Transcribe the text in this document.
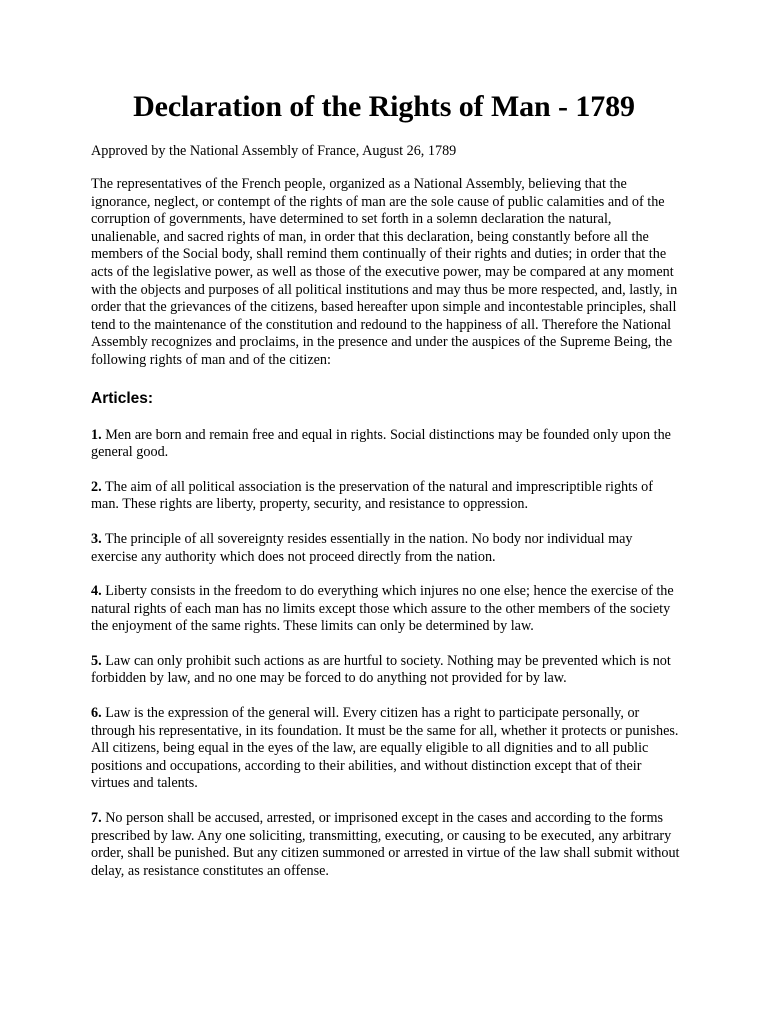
Declaration of the Rights of Man - 1789

Approved by the National Assembly of France, August 26, 1789

The representatives of the French people, organized as a National Assembly, believing that the ignorance, neglect, or contempt of the rights of man are the sole cause of public calamities and of the corruption of governments, have determined to set forth in a solemn declaration the natural, unalienable, and sacred rights of man, in order that this declaration, being constantly before all the members of the Social body, shall remind them continually of their rights and duties; in order that the acts of the legislative power, as well as those of the executive power, may be compared at any moment with the objects and purposes of all political institutions and may thus be more respected, and, lastly, in order that the grievances of the citizens, based hereafter upon simple and incontestable principles, shall tend to the maintenance of the constitution and redound to the happiness of all. Therefore the National Assembly recognizes and proclaims, in the presence and under the auspices of the Supreme Being, the following rights of man and of the citizen:

Articles:
1. Men are born and remain free and equal in rights. Social distinctions may be founded only upon the general good.
2. The aim of all political association is the preservation of the natural and imprescriptible rights of man. These rights are liberty, property, security, and resistance to oppression.
3. The principle of all sovereignty resides essentially in the nation. No body nor individual may exercise any authority which does not proceed directly from the nation.
4. Liberty consists in the freedom to do everything which injures no one else; hence the exercise of the natural rights of each man has no limits except those which assure to the other members of the society the enjoyment of the same rights. These limits can only be determined by law.
5. Law can only prohibit such actions as are hurtful to society. Nothing may be prevented which is not forbidden by law, and no one may be forced to do anything not provided for by law.
6. Law is the expression of the general will. Every citizen has a right to participate personally, or through his representative, in its foundation. It must be the same for all, whether it protects or punishes. All citizens, being equal in the eyes of the law, are equally eligible to all dignities and to all public positions and occupations, according to their abilities, and without distinction except that of their virtues and talents.
7. No person shall be accused, arrested, or imprisoned except in the cases and according to the forms prescribed by law. Any one soliciting, transmitting, executing, or causing to be executed, any arbitrary order, shall be punished. But any citizen summoned or arrested in virtue of the law shall submit without delay, as resistance constitutes an offense.
